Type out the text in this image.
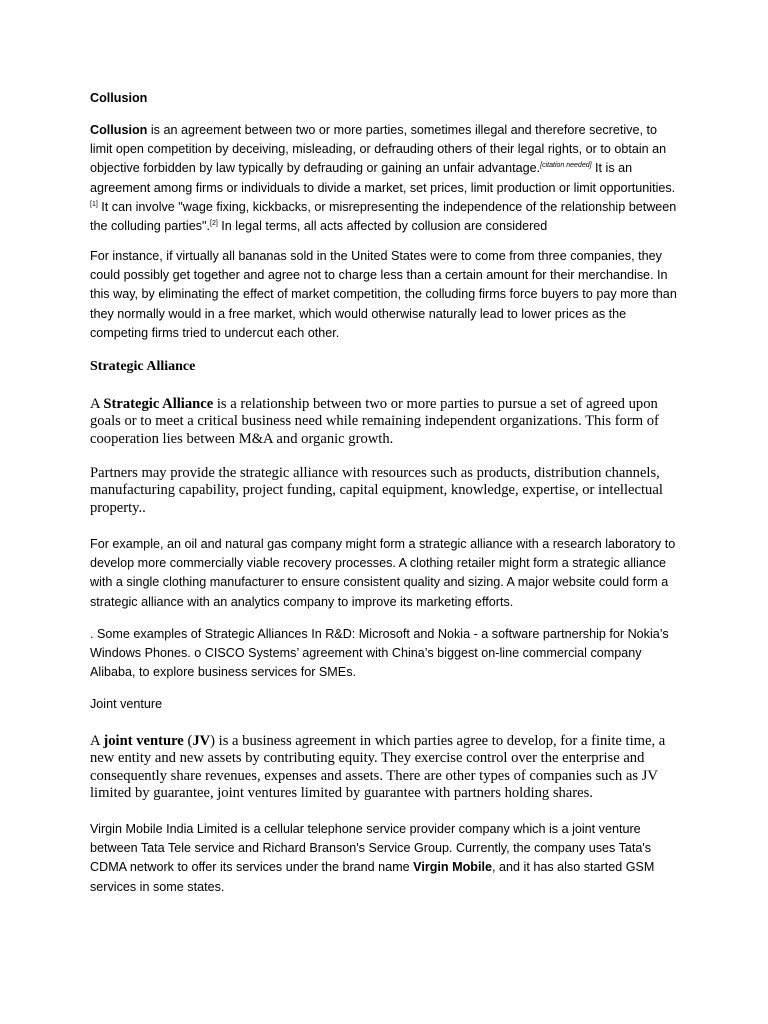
Collusion

Collusion is an agreement between two or more parties, sometimes illegal and therefore secretive, to limit open competition by deceiving, misleading, or defrauding others of their legal rights, or to obtain an objective forbidden by law typically by defrauding or gaining an unfair advantage.[citation needed] It is an agreement among firms or individuals to divide a market, set prices, limit production or limit opportunities.[1] It can involve "wage fixing, kickbacks, or misrepresenting the independence of the relationship between the colluding parties".[2] In legal terms, all acts affected by collusion are considered

For instance, if virtually all bananas sold in the United States were to come from three companies, they could possibly get together and agree not to charge less than a certain amount for their merchandise. In this way, by eliminating the effect of market competition, the colluding firms force buyers to pay more than they normally would in a free market, which would otherwise naturally lead to lower prices as the competing firms tried to undercut each other.

Strategic Alliance

A Strategic Alliance is a relationship between two or more parties to pursue a set of agreed upon goals or to meet a critical business need while remaining independent organizations. This form of cooperation lies between M&A and organic growth.

Partners may provide the strategic alliance with resources such as products, distribution channels, manufacturing capability, project funding, capital equipment, knowledge, expertise, or intellectual property..

For example, an oil and natural gas company might form a strategic alliance with a research laboratory to develop more commercially viable recovery processes. A clothing retailer might form a strategic alliance with a single clothing manufacturer to ensure consistent quality and sizing. A major website could form a strategic alliance with an analytics company to improve its marketing efforts.

. Some examples of Strategic Alliances In R&D: Microsoft and Nokia - a software partnership for Nokia’s Windows Phones. o CISCO Systems’ agreement with China’s biggest on-line commercial company Alibaba, to explore business services for SMEs.

Joint venture

A joint venture (JV) is a business agreement in which parties agree to develop, for a finite time, a new entity and new assets by contributing equity. They exercise control over the enterprise and consequently share revenues, expenses and assets. There are other types of companies such as JV limited by guarantee, joint ventures limited by guarantee with partners holding shares.

Virgin Mobile India Limited is a cellular telephone service provider company which is a joint venture between Tata Tele service and Richard Branson's Service Group. Currently, the company uses Tata's CDMA network to offer its services under the brand name Virgin Mobile, and it has also started GSM services in some states.
